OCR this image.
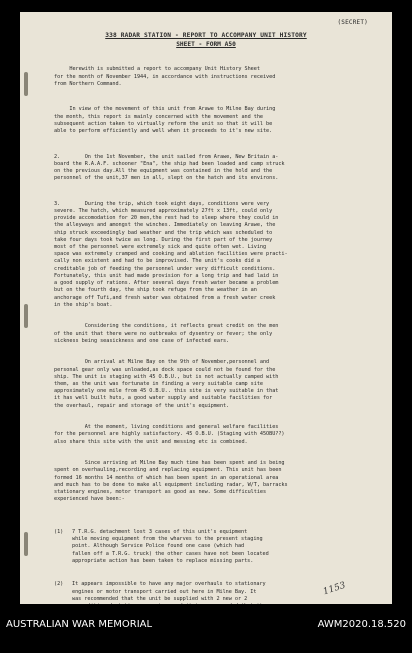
(SECRET)
338 RADAR STATION - REPORT TO ACCOMPANY UNIT HISTORY
SHEET - FORM A50

Herewith is submitted a report to accompany Unit History Sheet
for the month of November 1944, in accordance with instructions received
from Northern Command.

In view of the movement of this unit from Arawe to Milne Bay during
the month, this report is mainly concerned with the movement and the
subsequent action taken to virtually reform the unit so that it will be
able to perform efficiently and well when it proceeds to it's new site.

2.        On the 1st November, the unit sailed from Arawe, New Britain a-
board the R.A.A.F. schooner "Ena", the ship had been loaded and camp struck
on the previous day.All the equipment was contained in the hold and the
personnel of the unit,37 men in all, slept on the hatch and its environs.

3.        During the trip, which took eight days, conditions were very
severe. The hatch, which measured approximately 27ft x 13ft, could only
provide accomodation for 20 men,the rest had to sleep where they could in
the alleyways and amongst the winches. Immediately on leaving Arawe, the
ship struck exceedingly bad weather and the trip which was scheduled to
take four days took twice as long. During the first part of the journey
most of the personnel were extremely sick and quite often wet. Living
space was extremely cramped and cooking and ablution facilities were practi-
cally non existent and had to be improvised. The unit's cooks did a
creditable job of feeding the personnel under very difficult conditions.
Fortunately, this unit had made provision for a long trip and had laid in
a good supply of rations. After several days fresh water became a problem
but on the fourth day, the ship took refuge from the weather in an
anchorage off Tufi,and fresh water was obtained from a fresh water creek
in the ship's boat.

Considering the conditions, it reflects great credit on the men
of the unit that there were no outbreaks of dysentry or fever; the only
sickness being seasickness and one case of infected ears.

On arrival at Milne Bay on the 9th of November,personnel and
personal gear only was unloaded,as dock space could not be found for the
ship. The unit is staging with 45 O.B.U., but is not actually camped with
them, as the unit was fortunate in finding a very suitable camp site
approximately one mile from 45 O.B.U.. this site is very suitable in that
it has well built huts, a good water supply and suitable facilities for
the overhaul, repair and storage of the unit's equipment.

At the moment, living conditions and general welfare facilities
for the personnel are highly satisfactory. 45 O.B.U. (Staging with 45OBU??)
also share this site with the unit and messing etc is combined.

Since arriving at Milne Bay much time has been spent and is being
spent on overhauling,recording and replacing equipment. This unit has been
formed 16 months 14 months of which has been spent in an operational area
and much has to be done to make all equipment including radar, W/T, barracks
stationary engines, motor transport as good as new. Some difficulties
experienced have been:-

(1)	7 T.R.G. detachment lost 3 cases of this unit's equipment
while moving equipment from the wharves to the present staging
point. Although Service Police found one case (which had
fallen off a T.R.G. truck) the other cases have not been located
appropriate action has been taken to replace missing parts.

(2)	It appears impossible to have any major overhauls to stationary
engines or motor transport carried out here in Milne Bay. It
was recommended that the unit be supplied with 2 new or 2

1153
AUSTRALIAN WAR MEMORIAL	AWM2020.18.520
